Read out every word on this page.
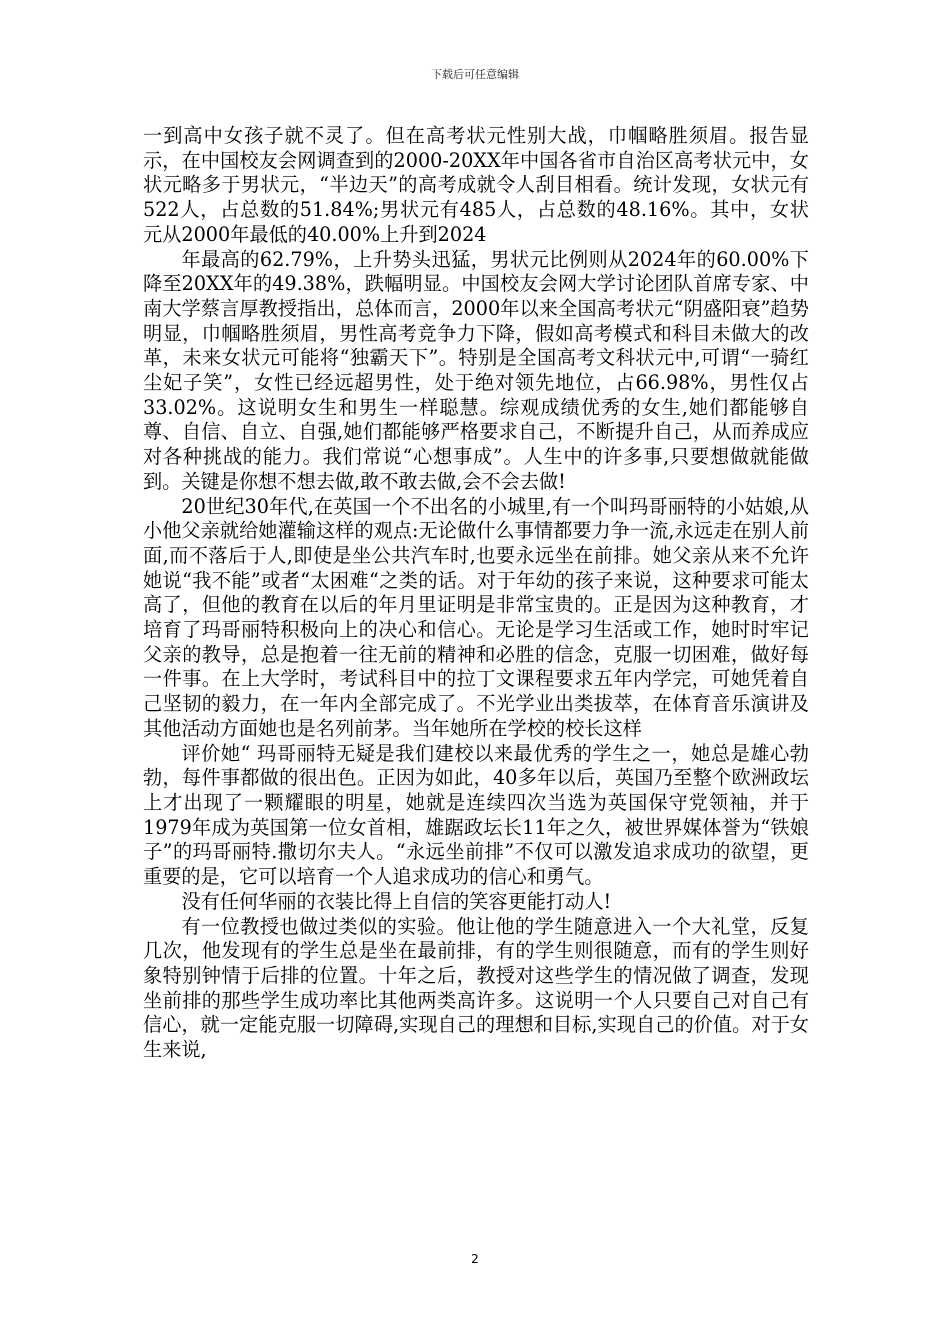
下载后可任意编辑

一到高中女孩子就不灵了。但在高考状元性别大战，巾帼略胜须眉。报告显示，在中国校友会网调查到的2000-20XX年中国各省市自治区高考状元中，女状元略多于男状元，“半边天”的高考成就令人刮目相看。统计发现，女状元有522人，占总数的51.84%;男状元有485人，占总数的48.16%。其中，女状元从2000年最低的40.00%上升到2024

年最高的62.79%，上升势头迅猛，男状元比例则从2024年的60.00%下降至20XX年的49.38%，跌幅明显。中国校友会网大学讨论团队首席专家、中南大学蔡言厚教授指出，总体而言，2000年以来全国高考状元“阴盛阳衰”趋势明显，巾帼略胜须眉，男性高考竞争力下降，假如高考模式和科目未做大的改革，未来女状元可能将“独霸天下”。特别是全国高考文科状元中,可谓“一骑红尘妃子笑”，女性已经远超男性，处于绝对领先地位，占66.98%，男性仅占33.02%。这说明女生和男生一样聪慧。综观成绩优秀的女生,她们都能够自尊、自信、自立、自强,她们都能够严格要求自己，不断提升自己，从而养成应对各种挑战的能力。我们常说“心想事成”。人生中的许多事,只要想做就能做到。关键是你想不想去做,敢不敢去做,会不会去做!

20世纪30年代,在英国一个不出名的小城里,有一个叫玛哥丽特的小姑娘,从小他父亲就给她灌输这样的观点:无论做什么事情都要力争一流,永远走在别人前面,而不落后于人,即使是坐公共汽车时,也要永远坐在前排。她父亲从来不允许她说“我不能”或者“太困难“之类的话。对于年幼的孩子来说，这种要求可能太高了，但他的教育在以后的年月里证明是非常宝贵的。正是因为这种教育，才培育了玛哥丽特积极向上的决心和信心。无论是学习生活或工作，她时时牢记父亲的教导，总是抱着一往无前的精神和必胜的信念，克服一切困难，做好每一件事。在上大学时，考试科目中的拉丁文课程要求五年内学完，可她凭着自己坚韧的毅力，在一年内全部完成了。不光学业出类拔萃，在体育音乐演讲及其他活动方面她也是名列前茅。当年她所在学校的校长这样

评价她“ 玛哥丽特无疑是我们建校以来最优秀的学生之一，她总是雄心勃勃，每件事都做的很出色。正因为如此，40多年以后，英国乃至整个欧洲政坛上才出现了一颗耀眼的明星，她就是连续四次当选为英国保守党领袖，并于1979年成为英国第一位女首相，雄踞政坛长11年之久，被世界媒体誉为“铁娘子”的玛哥丽特.撒切尔夫人。“永远坐前排”不仅可以激发追求成功的欲望，更重要的是，它可以培育一个人追求成功的信心和勇气。

没有任何华丽的衣装比得上自信的笑容更能打动人!

有一位教授也做过类似的实验。他让他的学生随意进入一个大礼堂，反复几次，他发现有的学生总是坐在最前排，有的学生则很随意，而有的学生则好象特别钟情于后排的位置。十年之后，教授对这些学生的情况做了调查，发现坐前排的那些学生成功率比其他两类高许多。这说明一个人只要自己对自己有信心，就一定能克服一切障碍,实现自己的理想和目标,实现自己的价值。对于女生来说,

2
